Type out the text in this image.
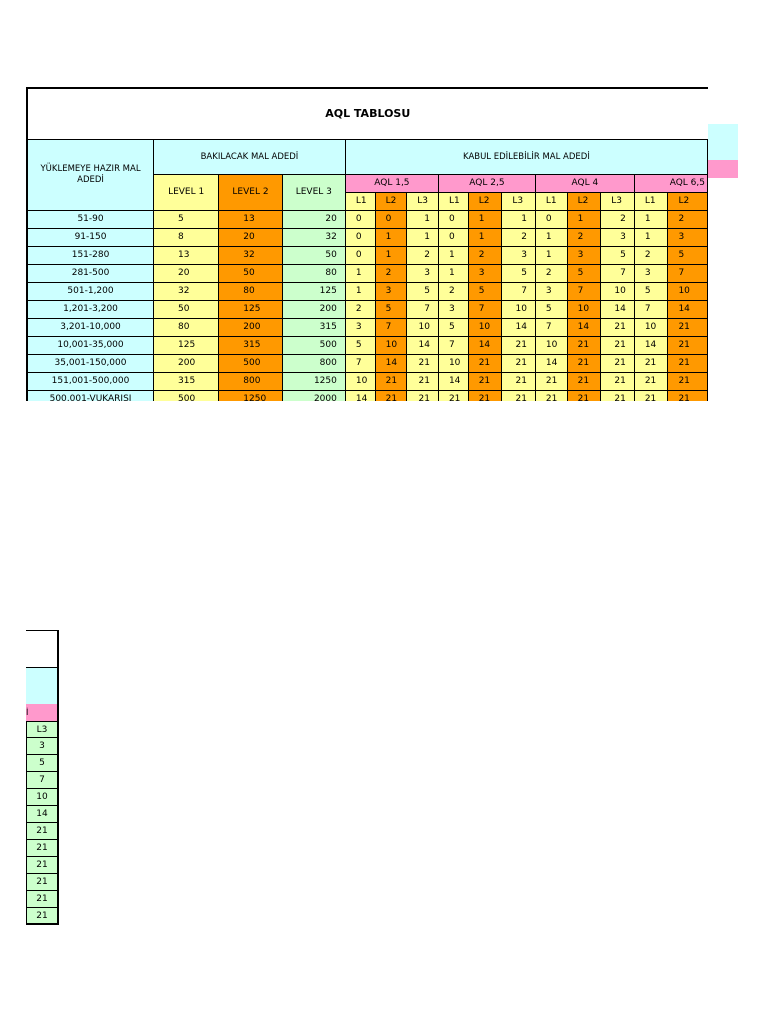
AQL TABLOSU														
YÜKLEMEYE HAZIR MAL ADEDİ	BAKILACAK MAL ADEDİ			KABUL EDİLEBİLİR MAL ADEDİ										
	LEVEL 1	LEVEL 2	LEVEL 3	AQL 1,5			AQL 2,5			AQL 4			AQL 6,5	
				L1	L2	L3	L1	L2	L3	L1	L2	L3	L1	L2
51-90	5	13	20	0	0	1	0	1	1	0	1	2	1	2
91-150	8	20	32	0	1	1	0	1	2	1	2	3	1	3
151-280	13	32	50	0	1	2	1	2	3	1	3	5	2	5
281-500	20	50	80	1	2	3	1	3	5	2	5	7	3	7
501-1,200	32	80	125	1	3	5	2	5	7	3	7	10	5	10
1,201-3,200	50	125	200	2	5	7	3	7	10	5	10	14	7	14
3,201-10,000	80	200	315	3	7	10	5	10	14	7	14	21	10	21
10,001-35,000	125	315	500	5	10	14	7	14	21	10	21	21	14	21
35,001-150,000	200	500	800	7	14	21	10	21	21	14	21	21	21	21
151,001-500,000	315	800	1250	10	21	21	14	21	21	21	21	21	21	21
500,001-VUKARISI	500	1250	2000	14	21	21	21	21	21	21	21	21	21	21
İ
L3
3
5
7
10
14
21
21
21
21
21
21
